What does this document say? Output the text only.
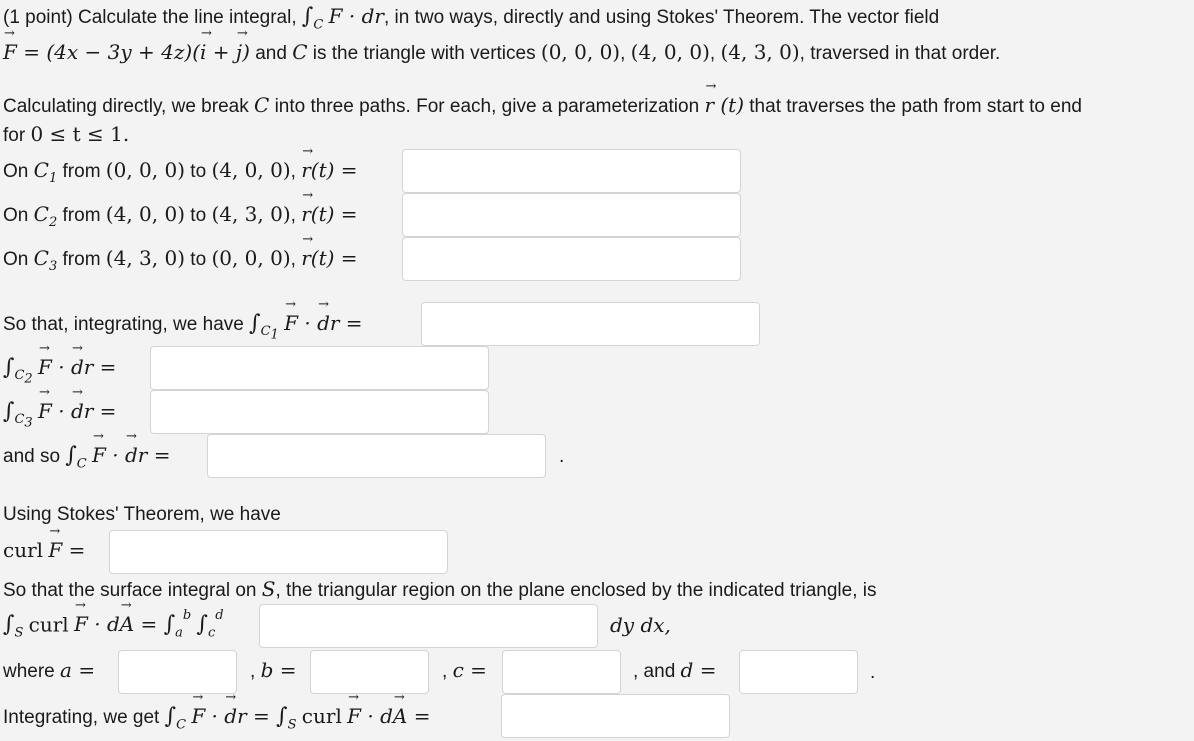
(1 point) Calculate the line integral, $\int_C \to F$ · → dr, in two ways, directly and using Stokes' Theorem. The vector field
→ F = (4x − 3y + 4z)(→ i + → j) and C is the triangle with vertices (0, 0, 0), (4, 0, 0), (4, 3, 0), traversed in that order.
Calculating directly, we break C into three paths. For each, give a parameterization → r (t) that traverses the path from start to end
for 0 ≤ t ≤ 1.
On $C_1$ from (0, 0, 0) to (4, 0, 0), → r(t) =
On $C_2$ from (4, 0, 0) to (4, 3, 0), → r(t) =
On $C_3$ from (4, 3, 0) to (0, 0, 0), → r(t) =
So that, integrating, we have $\int_{C_1} \to F$ · → dr =
$\int_{C_2} \to F$ · → dr =
$\int_{C_3} \to F$ · → dr =
and so $\int_C \to F$ · → dr =	.
Using Stokes' Theorem, we have
curl → F =
So that the surface integral on S, the triangular region on the plane enclosed by the indicated triangle, is
$\int_S$ curl → $F \cdot d\to A = \int_a^b$ $\int_c^d$	dy dx,
where a =	, b =	, c =	, and d =	.
Integrating, we get $\int_C \to F$ · → dr = $\int_S$ curl → F · d→ A =
